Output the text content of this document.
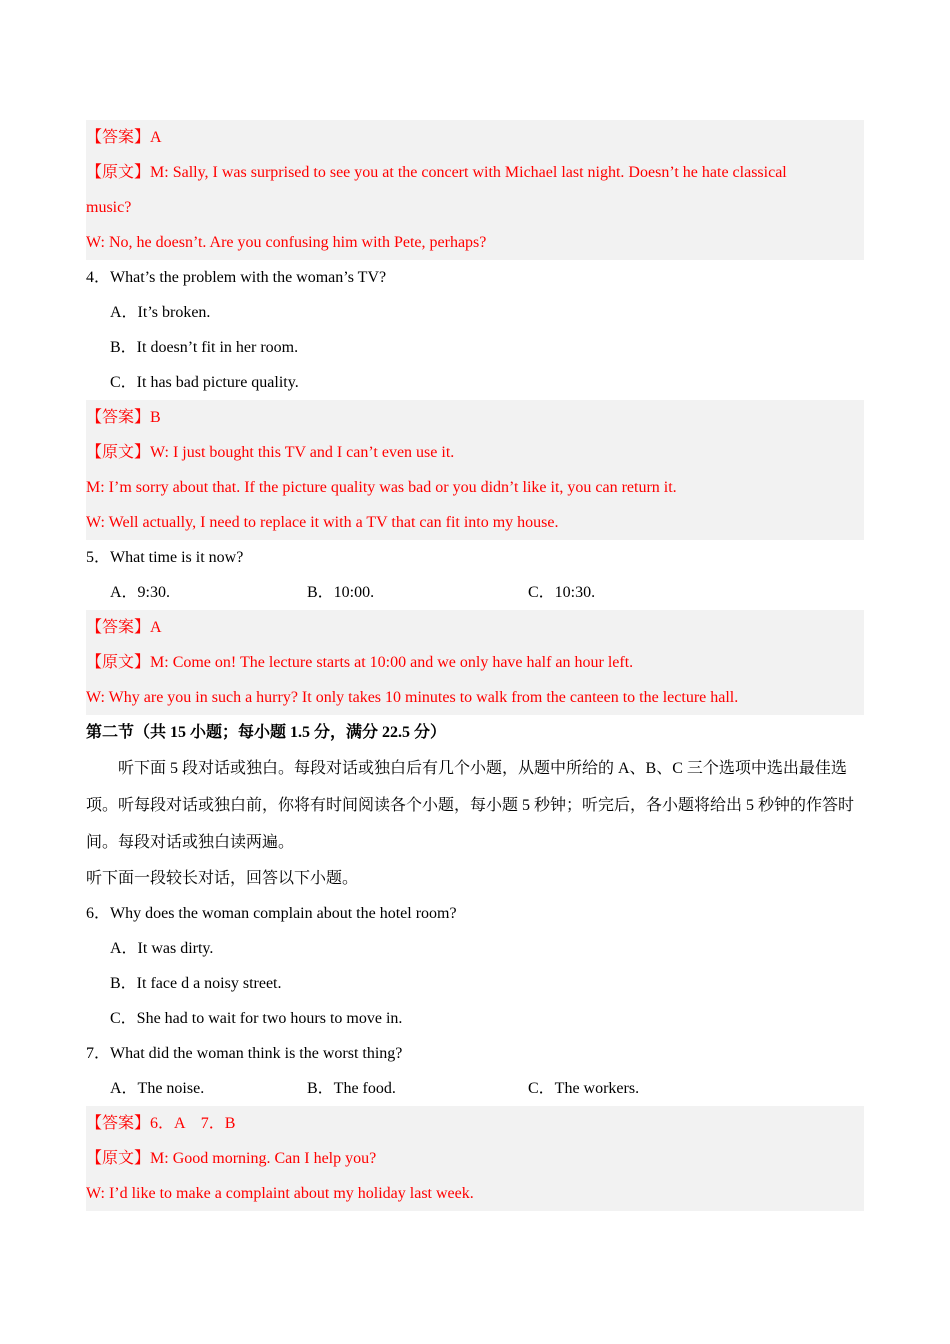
【答案】A
【原文】M: Sally, I was surprised to see you at the concert with Michael last night. Doesn’t he hate classical
music?
W: No, he doesn’t. Are you confusing him with Pete, perhaps?
4．What’s the problem with the woman’s TV?
A．It’s broken.
B．It doesn’t fit in her room.
C．It has bad picture quality.
【答案】B
【原文】W: I just bought this TV and I can’t even use it.
M: I’m sorry about that. If the picture quality was bad or you didn’t like it, you can return it.
W: Well actually, I need to replace it with a TV that can fit into my house.
5．What time is it now?
A．9:30.	B．10:00.	C．10:30.
【答案】A
【原文】M: Come on! The lecture starts at 10:00 and we only have half an hour left.
W: Why are you in such a hurry? It only takes 10 minutes to walk from the canteen to the lecture hall.
第二节（共 15 小题；每小题 1.5 分，满分 22.5 分）
听下面 5 段对话或独白。每段对话或独白后有几个小题，从题中所给的 A、B、C 三个选项中选出最佳选项。听每段对话或独白前，你将有时间阅读各个小题，每小题 5 秒钟；听完后，各小题将给出 5 秒钟的作答时间。每段对话或独白读两遍。
听下面一段较长对话，回答以下小题。
6．Why does the woman complain about the hotel room?
A．It was dirty.
B．It face d a noisy street.
C．She had to wait for two hours to move in.
7．What did the woman think is the worst thing?
A．The noise.	B．The food.	C．The workers.
【答案】6．A    7．B
【原文】M: Good morning. Can I help you?
W: I’d like to make a complaint about my holiday last week.
